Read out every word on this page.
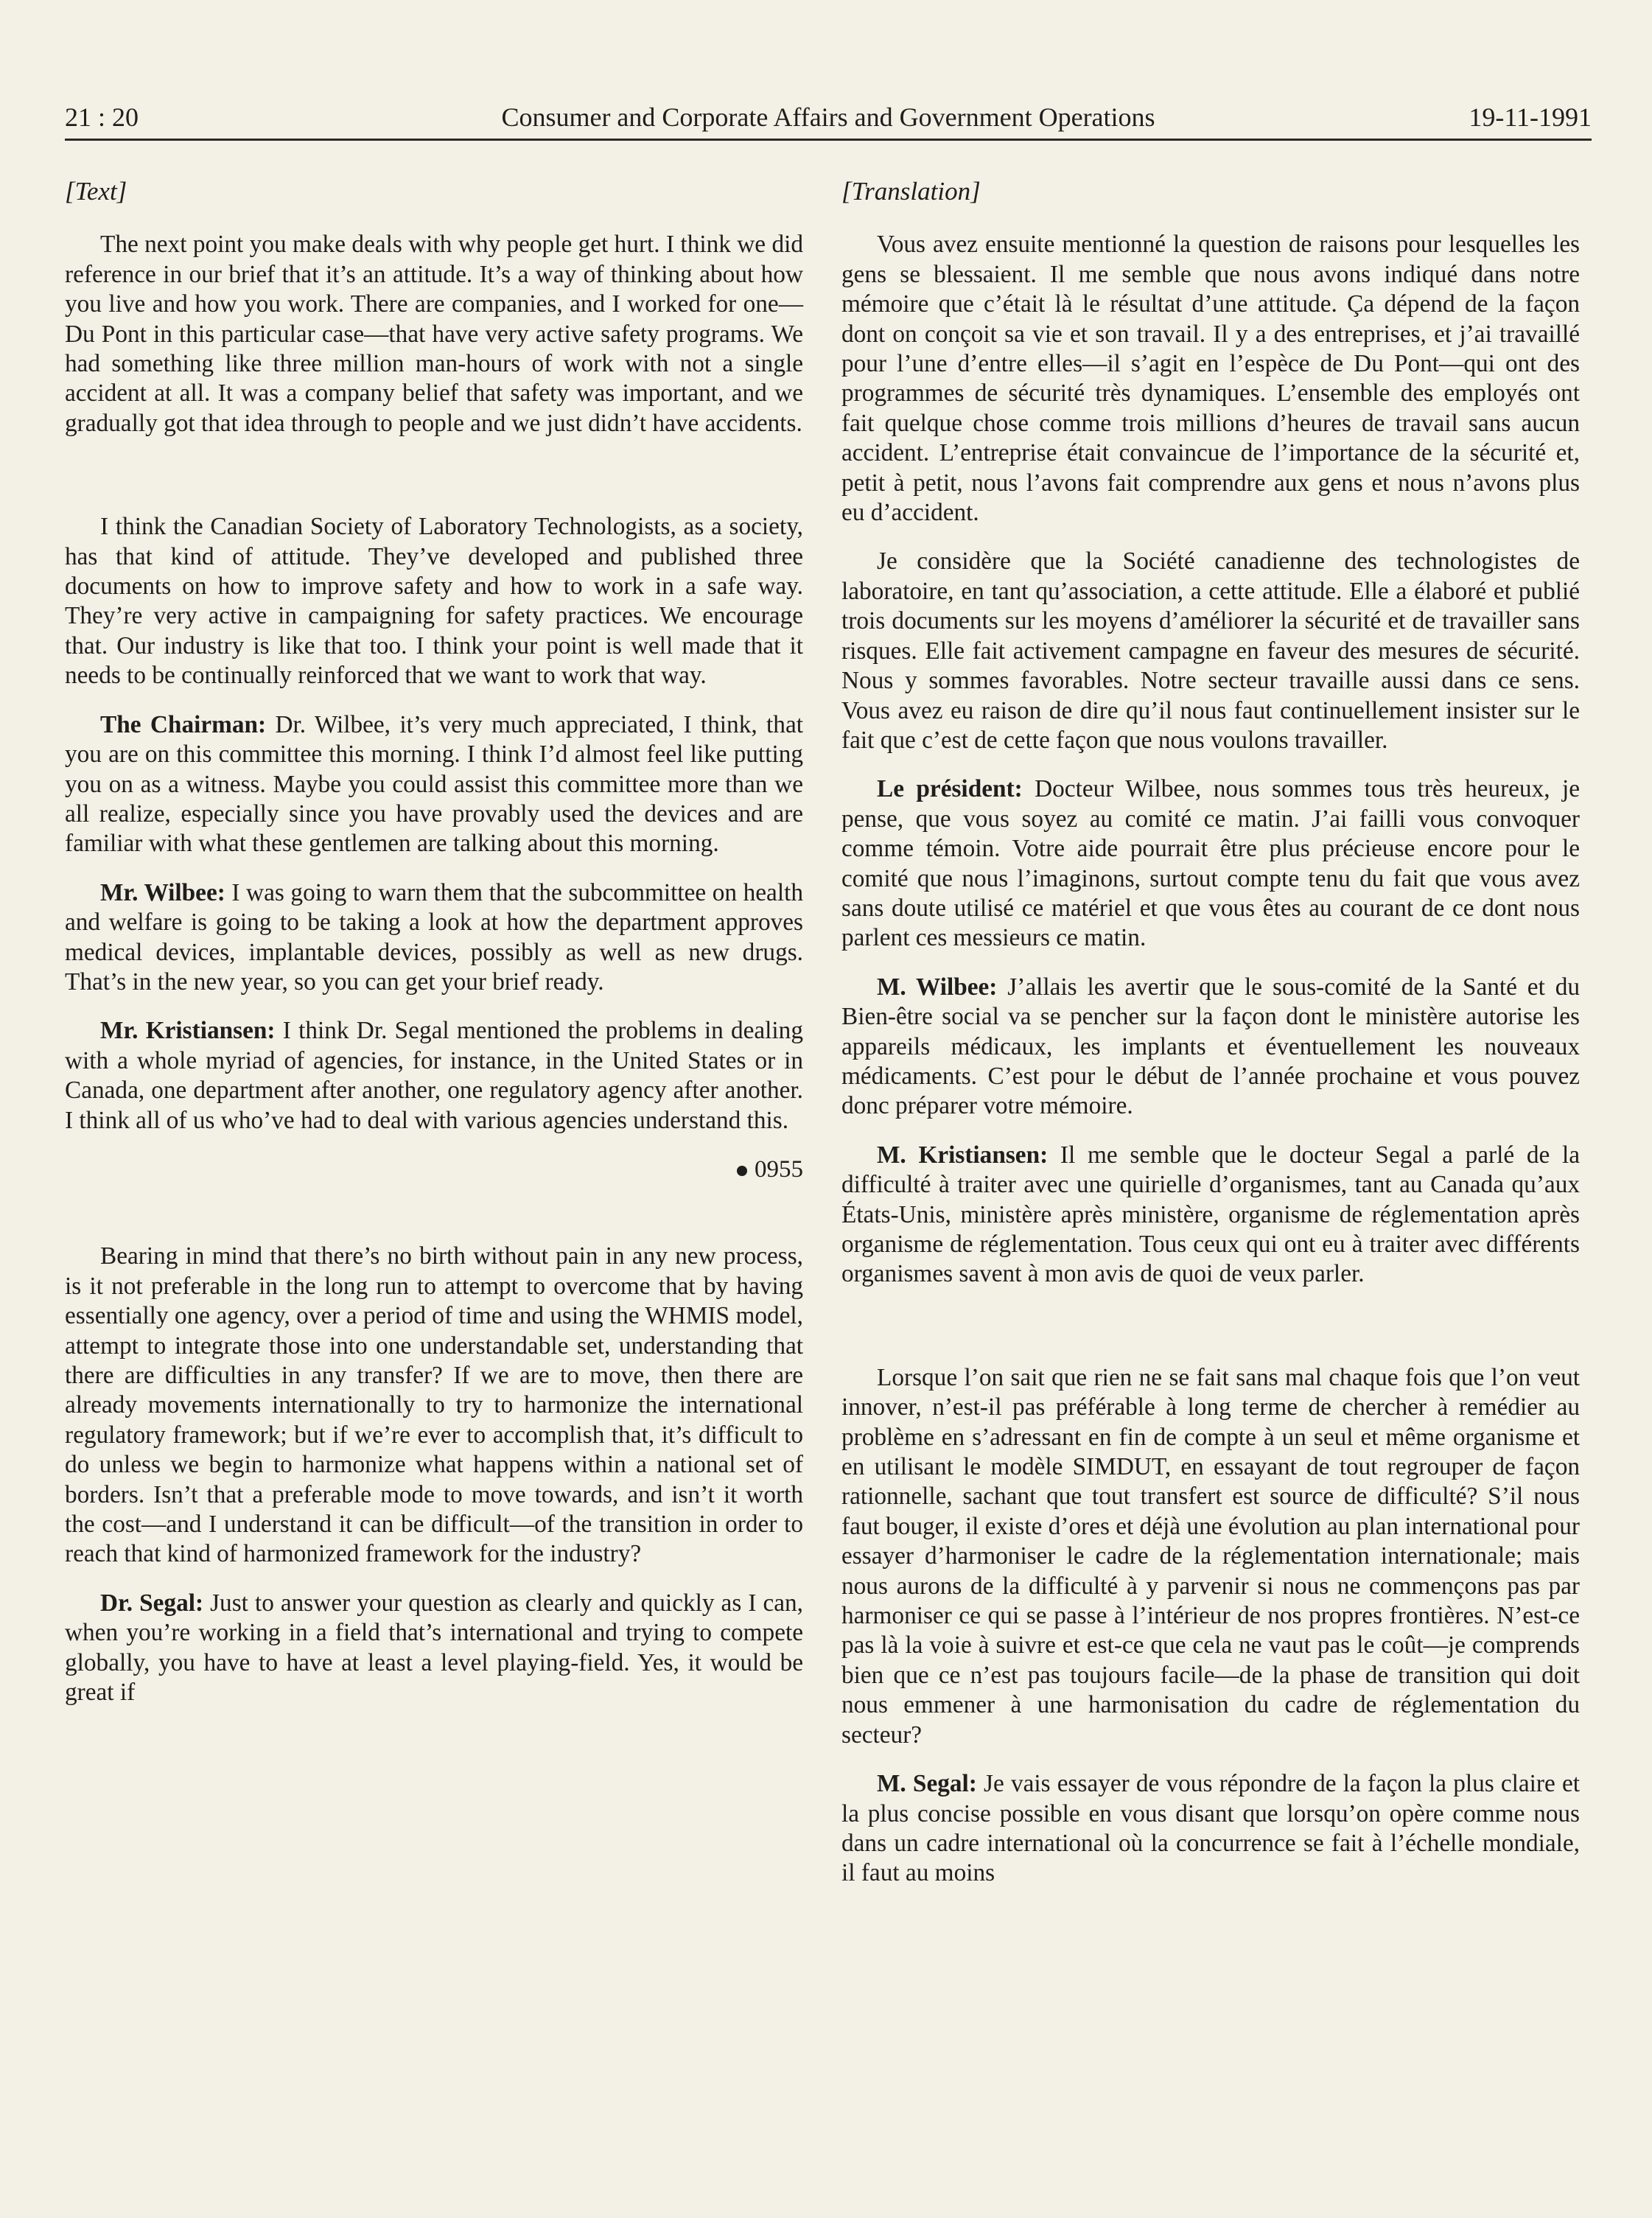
21 : 20	Consumer and Corporate Affairs and Government Operations	19-11-1991
[Text]

The next point you make deals with why people get hurt. I think we did reference in our brief that it’s an attitude. It’s a way of thinking about how you live and how you work. There are companies, and I worked for one—Du Pont in this particular case—that have very active safety programs. We had something like three million man-hours of work with not a single accident at all. It was a company belief that safety was important, and we gradually got that idea through to people and we just didn’t have accidents.

I think the Canadian Society of Laboratory Technologists, as a society, has that kind of attitude. They’ve developed and published three documents on how to improve safety and how to work in a safe way. They’re very active in campaigning for safety practices. We encourage that. Our industry is like that too. I think your point is well made that it needs to be continually reinforced that we want to work that way.

The Chairman: Dr. Wilbee, it’s very much appreciated, I think, that you are on this committee this morning. I think I’d almost feel like putting you on as a witness. Maybe you could assist this committee more than we all realize, especially since you have provably used the devices and are familiar with what these gentlemen are talking about this morning.

Mr. Wilbee: I was going to warn them that the subcommittee on health and welfare is going to be taking a look at how the department approves medical devices, implantable devices, possibly as well as new drugs. That’s in the new year, so you can get your brief ready.

Mr. Kristiansen: I think Dr. Segal mentioned the problems in dealing with a whole myriad of agencies, for instance, in the United States or in Canada, one department after another, one regulatory agency after another. I think all of us who’ve had to deal with various agencies understand this.

0955

Bearing in mind that there’s no birth without pain in any new process, is it not preferable in the long run to attempt to overcome that by having essentially one agency, over a period of time and using the WHMIS model, attempt to integrate those into one understandable set, understanding that there are difficulties in any transfer? If we are to move, then there are already movements internationally to try to harmonize the international regulatory framework; but if we’re ever to accomplish that, it’s difficult to do unless we begin to harmonize what happens within a national set of borders. Isn’t that a preferable mode to move towards, and isn’t it worth the cost—and I understand it can be difficult—of the transition in order to reach that kind of harmonized framework for the industry?

Dr. Segal: Just to answer your question as clearly and quickly as I can, when you’re working in a field that’s international and trying to compete globally, you have to have at least a level playing-field. Yes, it would be great if

[Translation]

Vous avez ensuite mentionné la question de raisons pour lesquelles les gens se blessaient. Il me semble que nous avons indiqué dans notre mémoire que c’était là le résultat d’une attitude. Ça dépend de la façon dont on conçoit sa vie et son travail. Il y a des entreprises, et j’ai travaillé pour l’une d’entre elles—il s’agit en l’espèce de Du Pont—qui ont des programmes de sécurité très dynamiques. L’ensemble des employés ont fait quelque chose comme trois millions d’heures de travail sans aucun accident. L’entreprise était convaincue de l’importance de la sécurité et, petit à petit, nous l’avons fait comprendre aux gens et nous n’avons plus eu d’accident.

Je considère que la Société canadienne des technologistes de laboratoire, en tant qu’association, a cette attitude. Elle a élaboré et publié trois documents sur les moyens d’améliorer la sécurité et de travailler sans risques. Elle fait activement campagne en faveur des mesures de sécurité. Nous y sommes favorables. Notre secteur travaille aussi dans ce sens. Vous avez eu raison de dire qu’il nous faut continuellement insister sur le fait que c’est de cette façon que nous voulons travailler.

Le président: Docteur Wilbee, nous sommes tous très heureux, je pense, que vous soyez au comité ce matin. J’ai failli vous convoquer comme témoin. Votre aide pourrait être plus précieuse encore pour le comité que nous l’imaginons, surtout compte tenu du fait que vous avez sans doute utilisé ce matériel et que vous êtes au courant de ce dont nous parlent ces messieurs ce matin.

M. Wilbee: J’allais les avertir que le sous-comité de la Santé et du Bien-être social va se pencher sur la façon dont le ministère autorise les appareils médicaux, les implants et éventuellement les nouveaux médicaments. C’est pour le début de l’année prochaine et vous pouvez donc préparer votre mémoire.

M. Kristiansen: Il me semble que le docteur Segal a parlé de la difficulté à traiter avec une quirielle d’organismes, tant au Canada qu’aux États-Unis, ministère après ministère, organisme de réglementation après organisme de réglementation. Tous ceux qui ont eu à traiter avec différents organismes savent à mon avis de quoi de veux parler.

Lorsque l’on sait que rien ne se fait sans mal chaque fois que l’on veut innover, n’est-il pas préférable à long terme de chercher à remédier au problème en s’adressant en fin de compte à un seul et même organisme et en utilisant le modèle SIMDUT, en essayant de tout regrouper de façon rationnelle, sachant que tout transfert est source de difficulté? S’il nous faut bouger, il existe d’ores et déjà une évolution au plan international pour essayer d’harmoniser le cadre de la réglementation internationale; mais nous aurons de la difficulté à y parvenir si nous ne commençons pas par harmoniser ce qui se passe à l’intérieur de nos propres frontières. N’est-ce pas là la voie à suivre et est-ce que cela ne vaut pas le coût—je comprends bien que ce n’est pas toujours facile—de la phase de transition qui doit nous emmener à une harmonisation du cadre de réglementation du secteur?

M. Segal: Je vais essayer de vous répondre de la façon la plus claire et la plus concise possible en vous disant que lorsqu’on opère comme nous dans un cadre international où la concurrence se fait à l’échelle mondiale, il faut au moins
